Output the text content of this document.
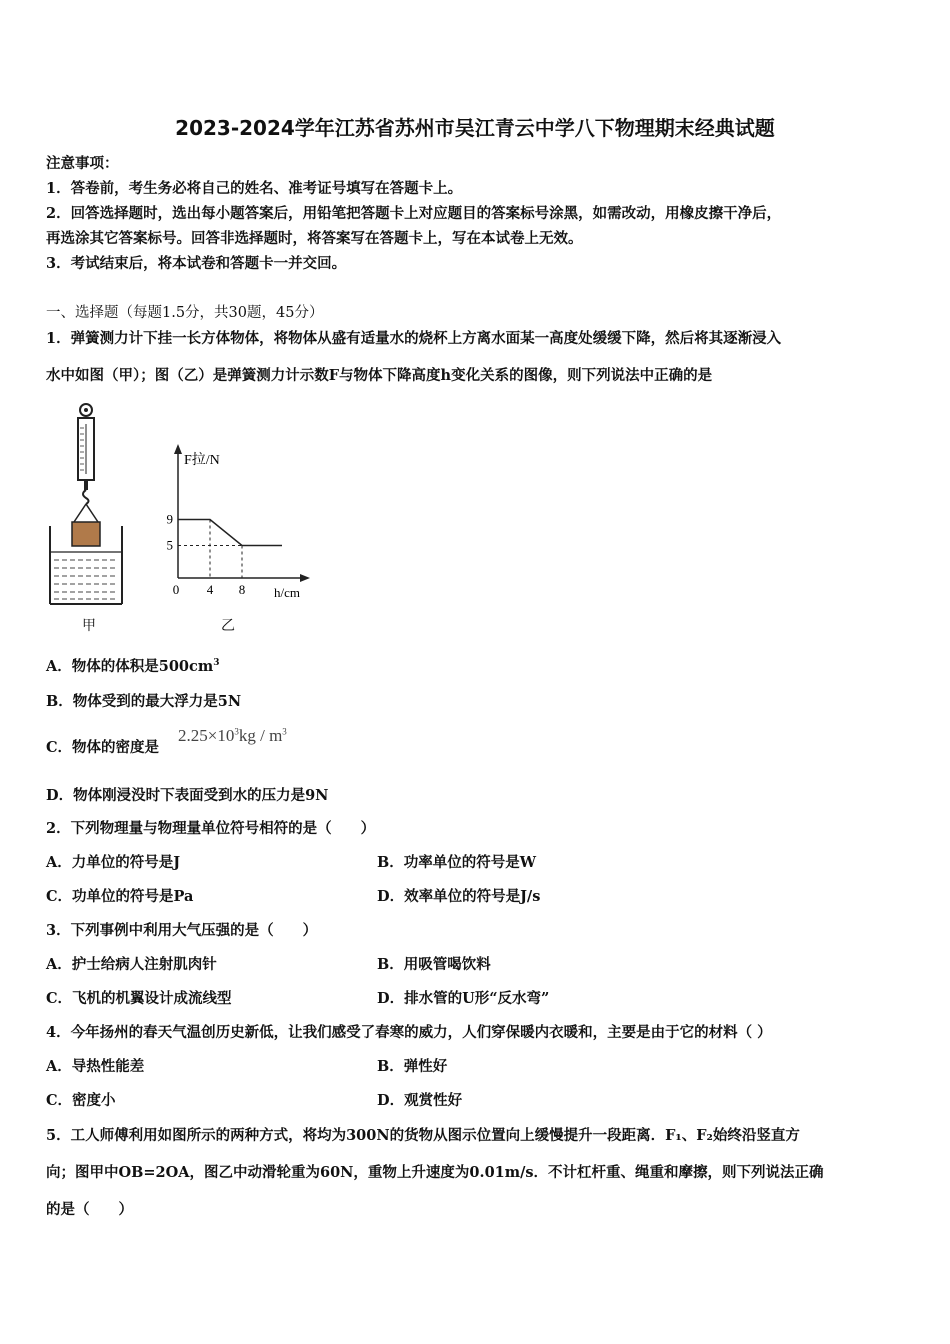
2023-2024学年江苏省苏州市吴江青云中学八下物理期末经典试题
注意事项：
1．答卷前，考生务必将自己的姓名、准考证号填写在答题卡上。
2．回答选择题时，选出每小题答案后，用铅笔把答题卡上对应题目的答案标号涂黑，如需改动，用橡皮擦干净后，
再选涂其它答案标号。回答非选择题时，将答案写在答题卡上，写在本试卷上无效。
3．考试结束后，将本试卷和答题卡一并交回。
一、选择题（每题1.5分，共30题，45分）
1．弹簧测力计下挂一长方体物体，将物体从盛有适量水的烧杯上方离水面某一高度处缓缓下降，然后将其逐渐浸入
水中如图（甲）；图（乙）是弹簧测力计示数F与物体下降高度h变化关系的图像，则下列说法中正确的是
甲
F拉/N
h/cm
0 4 8
9
5
乙
A．物体的体积是$500cm^3$
B．物体受到的最大浮力是5N
C．物体的密度是
$2.25\times 10^3kg / m^3$
D．物体刚浸没时下表面受到水的压力是9N
2．下列物理量与物理量单位符号相符的是（　　）
A．力单位的符号是J	B．功率单位的符号是W
C．功单位的符号是Pa	D．效率单位的符号是J/s
3．下列事例中利用大气压强的是（　　）
A．护士给病人注射肌肉针	B．用吸管喝饮料
C．飞机的机翼设计成流线型	D．排水管的U形“反水弯”
4．今年扬州的春天气温创历史新低，让我们感受了春寒的威力，人们穿保暖内衣暖和，主要是由于它的材料（ ）
A．导热性能差	B．弹性好
C．密度小	D．观赏性好
5．工人师傅利用如图所示的两种方式，将均为300N的货物从图示位置向上缓慢提升一段距离．F₁、F₂始终沿竖直方
向；图甲中OB=2OA，图乙中动滑轮重为60N，重物上升速度为0.01m/s．不计杠杆重、绳重和摩擦，则下列说法正确
的是（　　）
